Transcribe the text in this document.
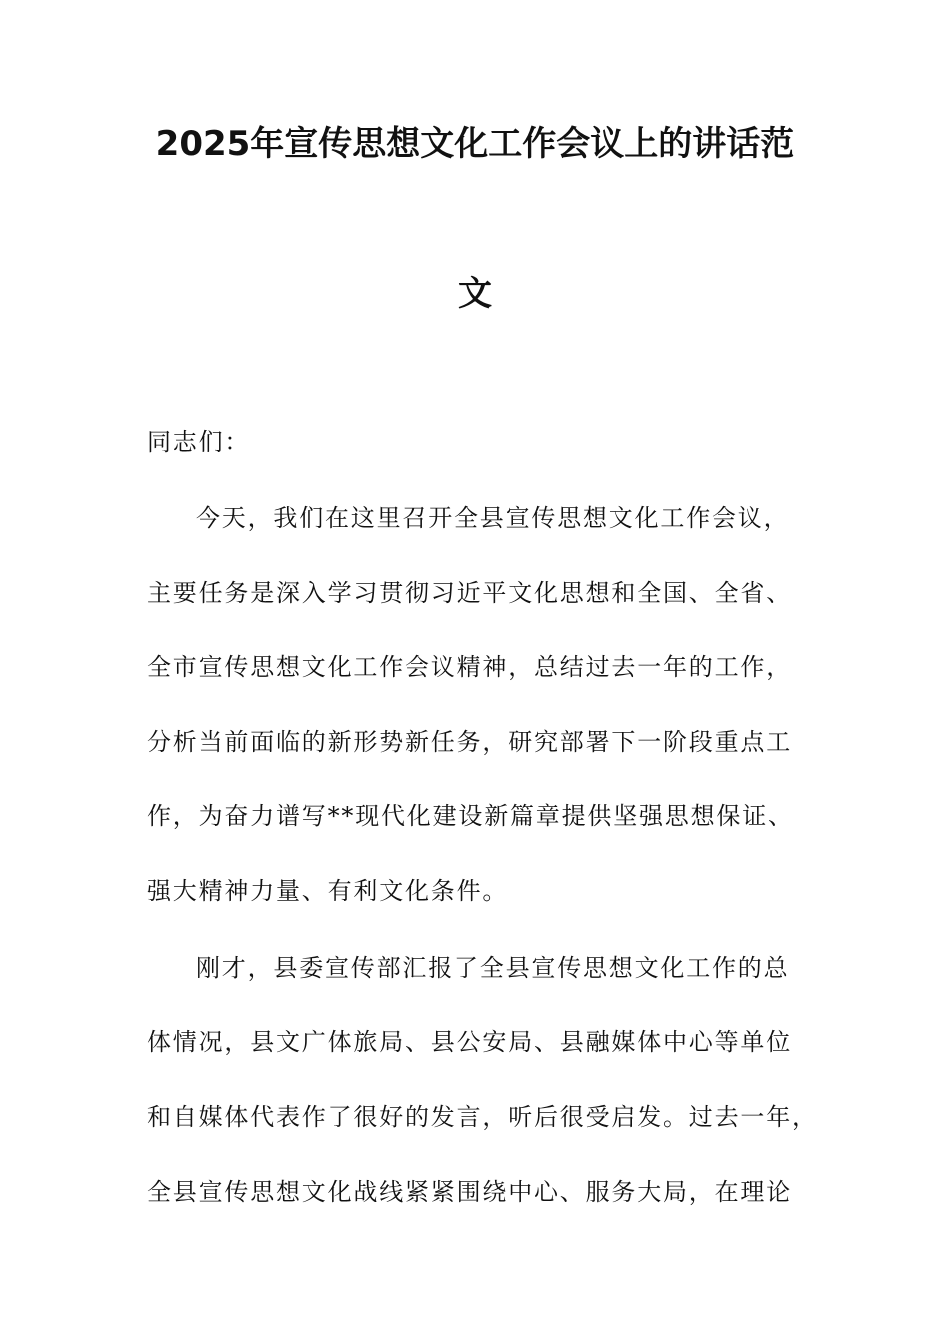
2025年宣传思想文化工作会议上的讲话范
文
同志们：
今天，我们在这里召开全县宣传思想文化工作会议，
主要任务是深入学习贯彻习近平文化思想和全国、全省、
全市宣传思想文化工作会议精神，总结过去一年的工作，
分析当前面临的新形势新任务，研究部署下一阶段重点工
作，为奋力谱写**现代化建设新篇章提供坚强思想保证、
强大精神力量、有利文化条件。
刚才，县委宣传部汇报了全县宣传思想文化工作的总
体情况，县文广体旅局、县公安局、县融媒体中心等单位
和自媒体代表作了很好的发言，听后很受启发。过去一年，
全县宣传思想文化战线紧紧围绕中心、服务大局，在理论
